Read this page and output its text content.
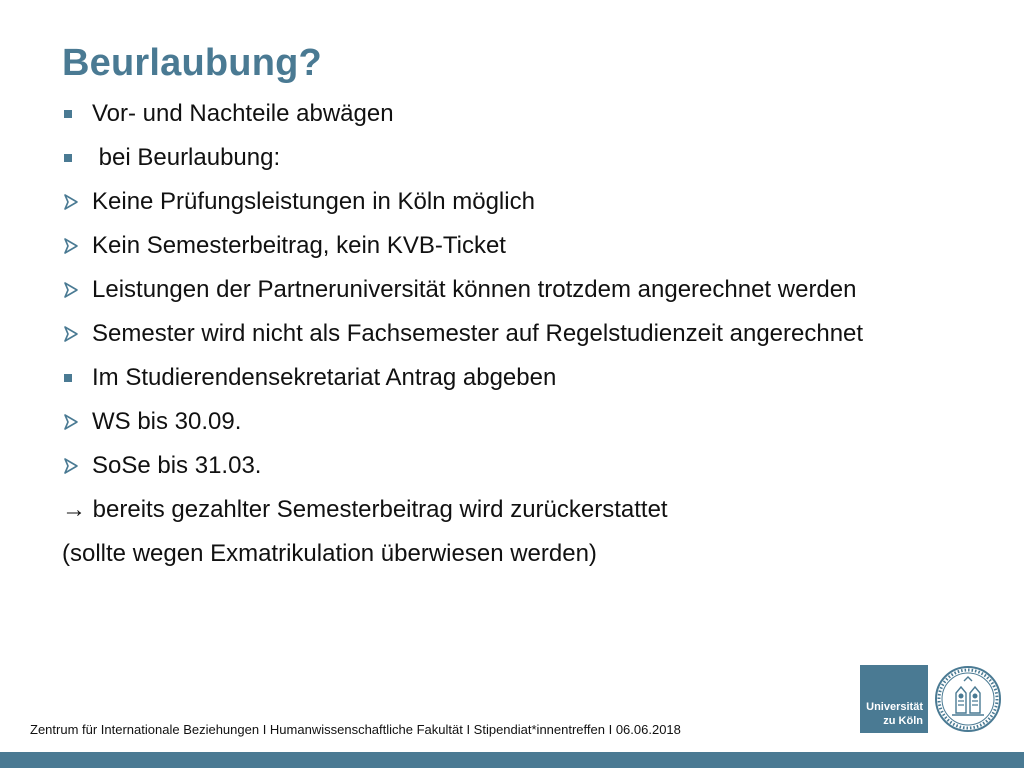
Beurlaubung?
Vor- und Nachteile abwägen
bei Beurlaubung:
Keine Prüfungsleistungen in Köln möglich
Kein Semesterbeitrag, kein KVB-Ticket
Leistungen der Partneruniversität können trotzdem angerechnet werden
Semester wird nicht als Fachsemester auf Regelstudienzeit angerechnet
Im Studierendensekretariat Antrag abgeben
WS bis 30.09.
SoSe bis 31.03.
→ bereits gezahlter Semesterbeitrag wird zurückerstattet
(sollte wegen Exmatrikulation überwiesen werden)
Zentrum für Internationale Beziehungen I Humanwissenschaftliche Fakultät I Stipendiat*innentreffen I 06.06.2018
Universität
zu Köln
